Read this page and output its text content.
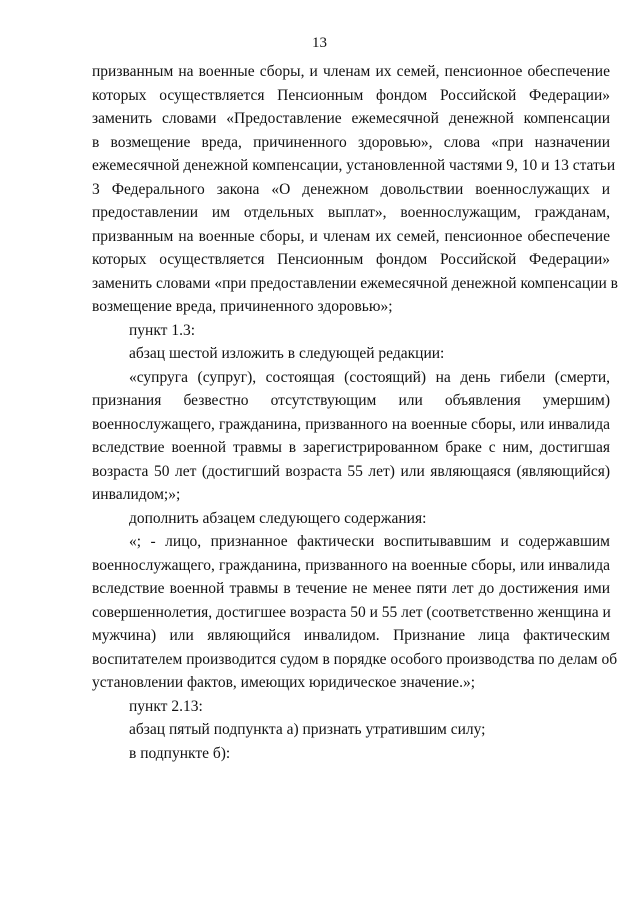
13
призванным на военные сборы, и членам их семей, пенсионное обеспечение
которых осуществляется Пенсионным фондом Российской Федерации»
заменить словами «Предоставление ежемесячной денежной компенсации
в возмещение вреда, причиненного здоровью», слова «при назначении
ежемесячной денежной компенсации, установленной частями 9, 10 и 13 статьи
3 Федерального закона «О денежном довольствии военнослужащих и
предоставлении им отдельных выплат», военнослужащим, гражданам,
призванным на военные сборы, и членам их семей, пенсионное обеспечение
которых осуществляется Пенсионным фондом Российской Федерации»
заменить словами «при предоставлении ежемесячной денежной компенсации в
возмещение вреда, причиненного здоровью»;
пункт 1.3:
абзац шестой изложить в следующей редакции:
«супруга (супруг), состоящая (состоящий) на день гибели (смерти,
признания безвестно отсутствующим или объявления умершим)
военнослужащего, гражданина, призванного на военные сборы, или инвалида
вследствие военной травмы в зарегистрированном браке с ним, достигшая
возраста 50 лет (достигший возраста 55 лет) или являющаяся (являющийся)
инвалидом;»;
дополнить абзацем следующего содержания:
«; - лицо, признанное фактически воспитывавшим и содержавшим
военнослужащего, гражданина, призванного на военные сборы, или инвалида
вследствие военной травмы в течение не менее пяти лет до достижения ими
совершеннолетия, достигшее возраста 50 и 55 лет (соответственно женщина и
мужчина) или являющийся инвалидом. Признание лица фактическим
воспитателем производится судом в порядке особого производства по делам об
установлении фактов, имеющих юридическое значение.»;
пункт 2.13:
абзац пятый подпункта а) признать утратившим силу;
в подпункте б):
